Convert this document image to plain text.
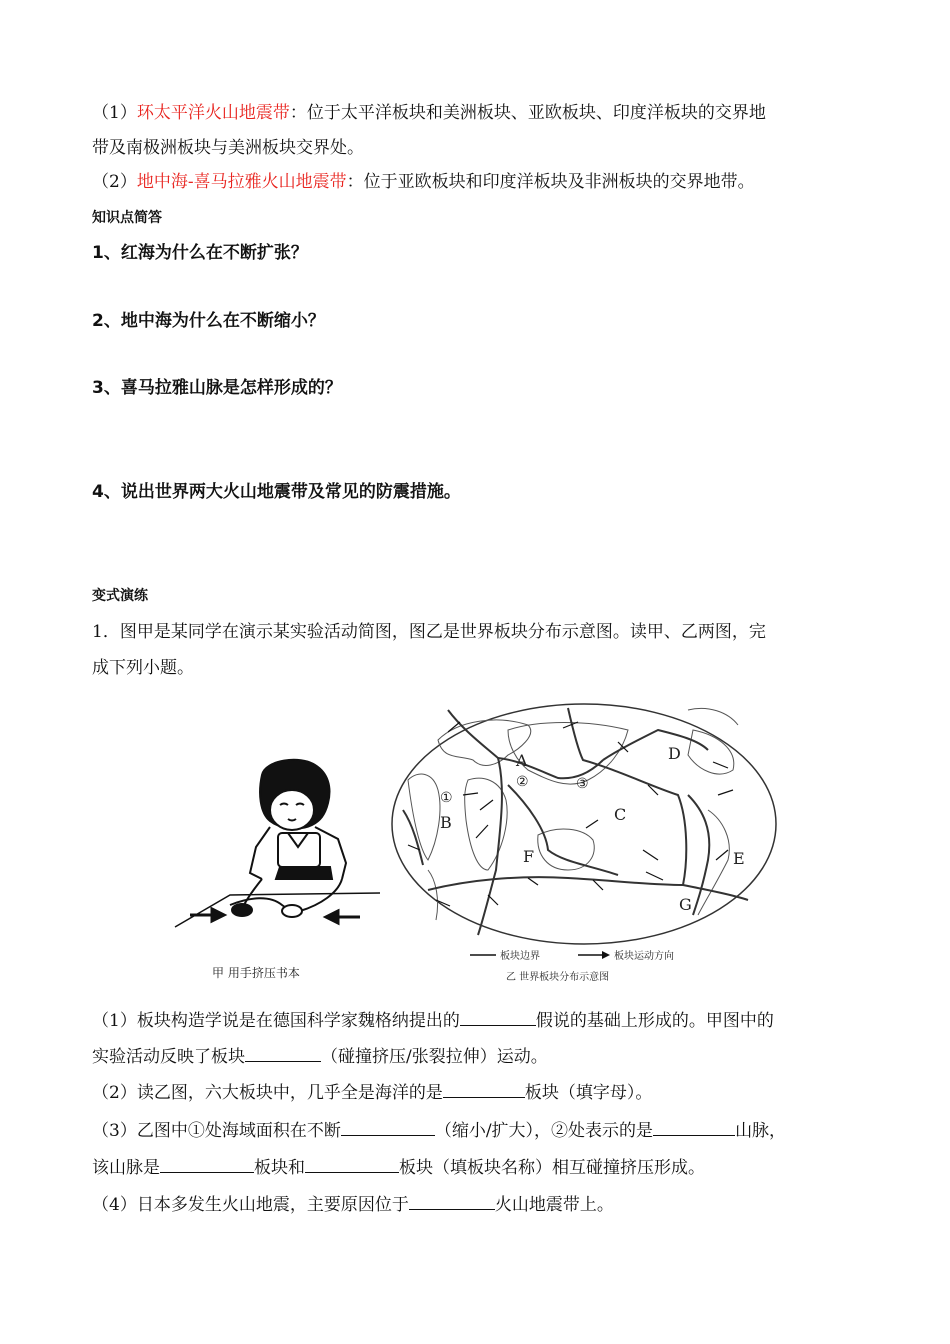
（1）环太平洋火山地震带：位于太平洋板块和美洲板块、亚欧板块、印度洋板块的交界地
带及南极洲板块与美洲板块交界处。
（2）地中海-喜马拉雅火山地震带：位于亚欧板块和印度洋板块及非洲板块的交界地带。
知识点简答
1、红海为什么在不断扩张？
2、地中海为什么在不断缩小？
3、喜马拉雅山脉是怎样形成的？
4、说出世界两大火山地震带及常见的防震措施。
变式演练
1．图甲是某同学在演示某实验活动简图，图乙是世界板块分布示意图。读甲、乙两图，完
成下列小题。
甲 用手挤压书本
A
B	C
D
E
F
G
①
②	③
板块边界	板块运动方向
乙 世界板块分布示意图
（1）板块构造学说是在德国科学家魏格纳提出的	假说的基础上形成的。甲图中的
实验活动反映了板块	（碰撞挤压/张裂拉伸）运动。
（2）读乙图，六大板块中，几乎全是海洋的是	板块（填字母）。
（3）乙图中①处海域面积在不断	（缩小/扩大），②处表示的是	山脉，
该山脉是	板块和	板块（填板块名称）相互碰撞挤压形成。
（4）日本多发生火山地震，主要原因位于	火山地震带上。
